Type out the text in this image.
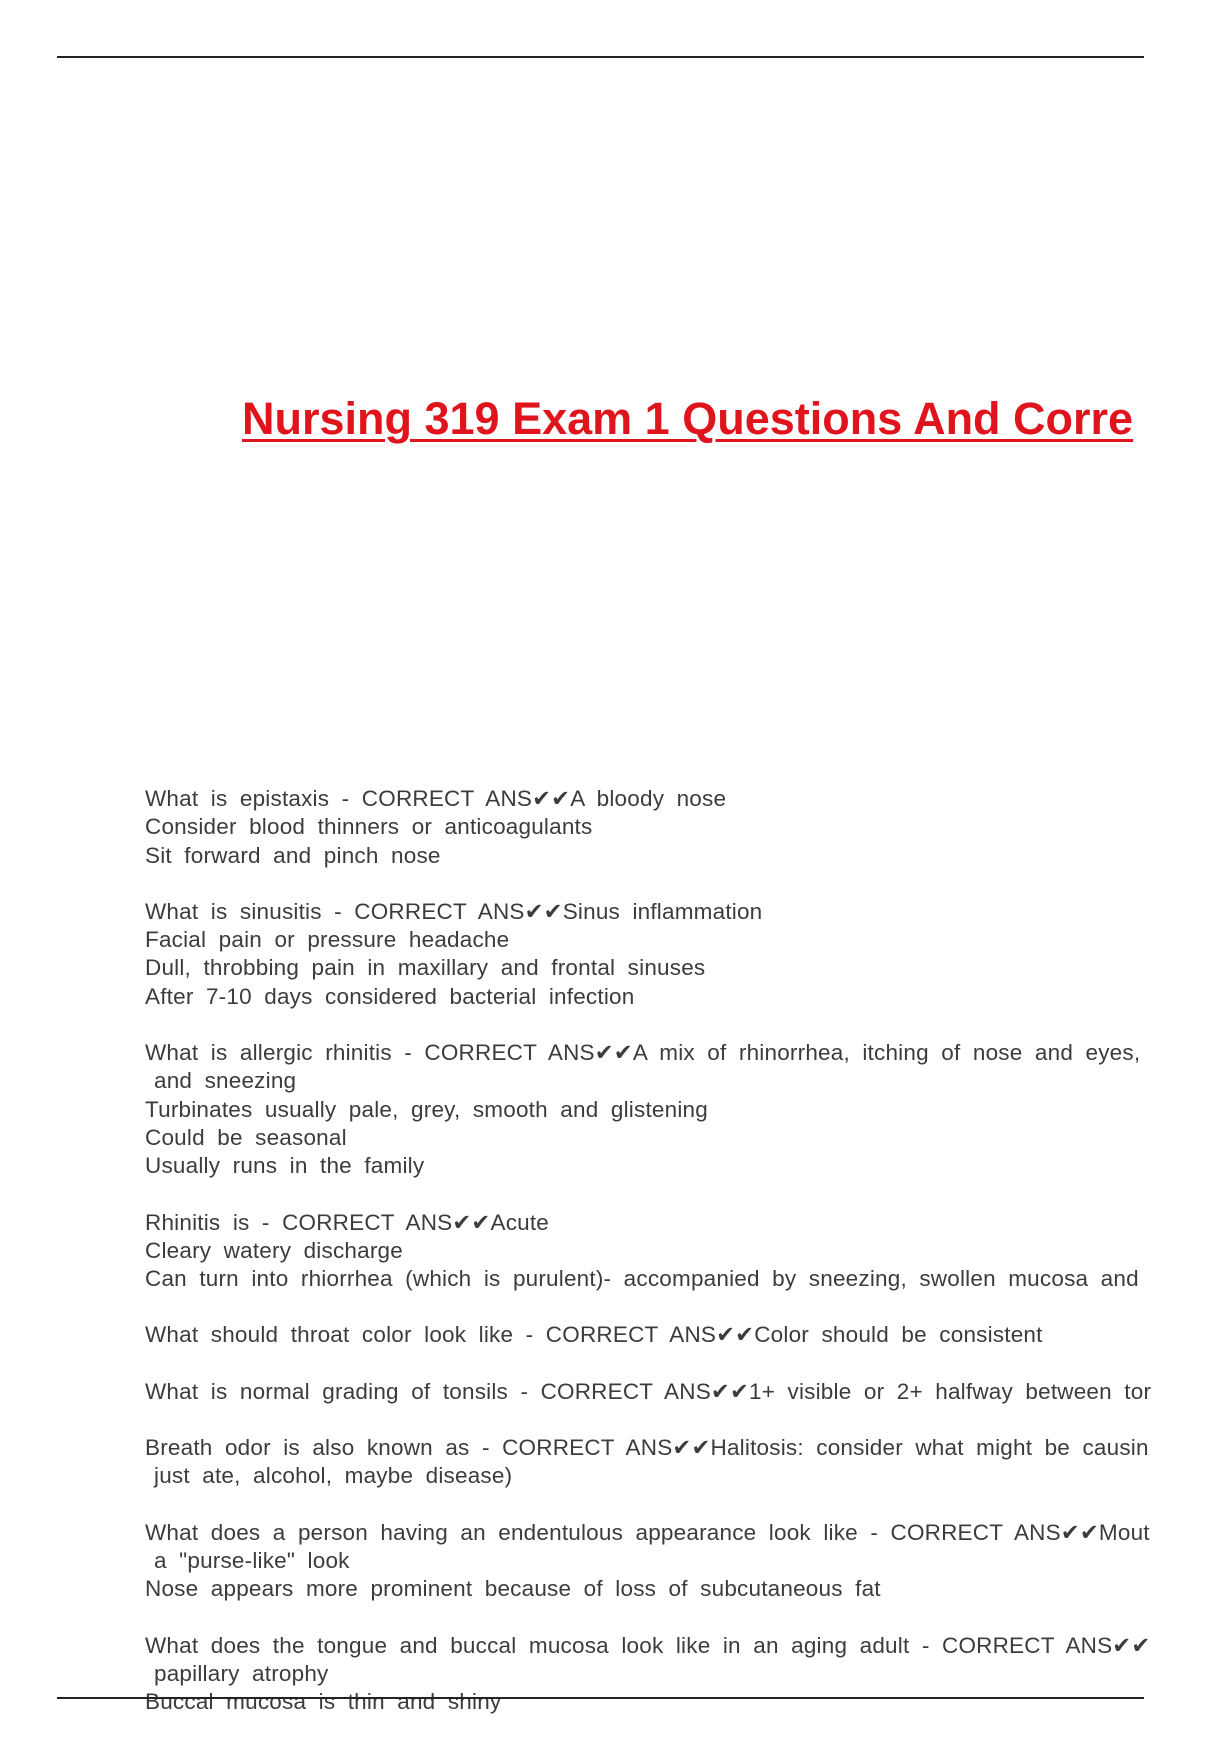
Nursing 319 Exam 1 Questions And Corre
What is epistaxis - CORRECT ANS✔✔A bloody nose
Consider blood thinners or anticoagulants
Sit forward and pinch nose
What is sinusitis - CORRECT ANS✔✔Sinus inflammation
Facial pain or pressure headache
Dull, throbbing pain in maxillary and frontal sinuses
After 7-10 days considered bacterial infection
What is allergic rhinitis - CORRECT ANS✔✔A mix of rhinorrhea, itching of nose and eyes,
and sneezing
Turbinates usually pale, grey, smooth and glistening
Could be seasonal
Usually runs in the family
Rhinitis is - CORRECT ANS✔✔Acute
Cleary watery discharge
Can turn into rhiorrhea (which is purulent)- accompanied by sneezing, swollen mucosa and
What should throat color look like - CORRECT ANS✔✔Color should be consistent
What is normal grading of tonsils - CORRECT ANS✔✔1+ visible or 2+ halfway between tor
Breath odor is also known as - CORRECT ANS✔✔Halitosis: consider what might be causin
just ate, alcohol, maybe disease)
What does a person having an endentulous appearance look like - CORRECT ANS✔✔Mout
a "purse-like" look
Nose appears more prominent because of loss of subcutaneous fat
What does the tongue and buccal mucosa look like in an aging adult - CORRECT ANS✔✔
papillary atrophy
Buccal mucosa is thin and shiny
